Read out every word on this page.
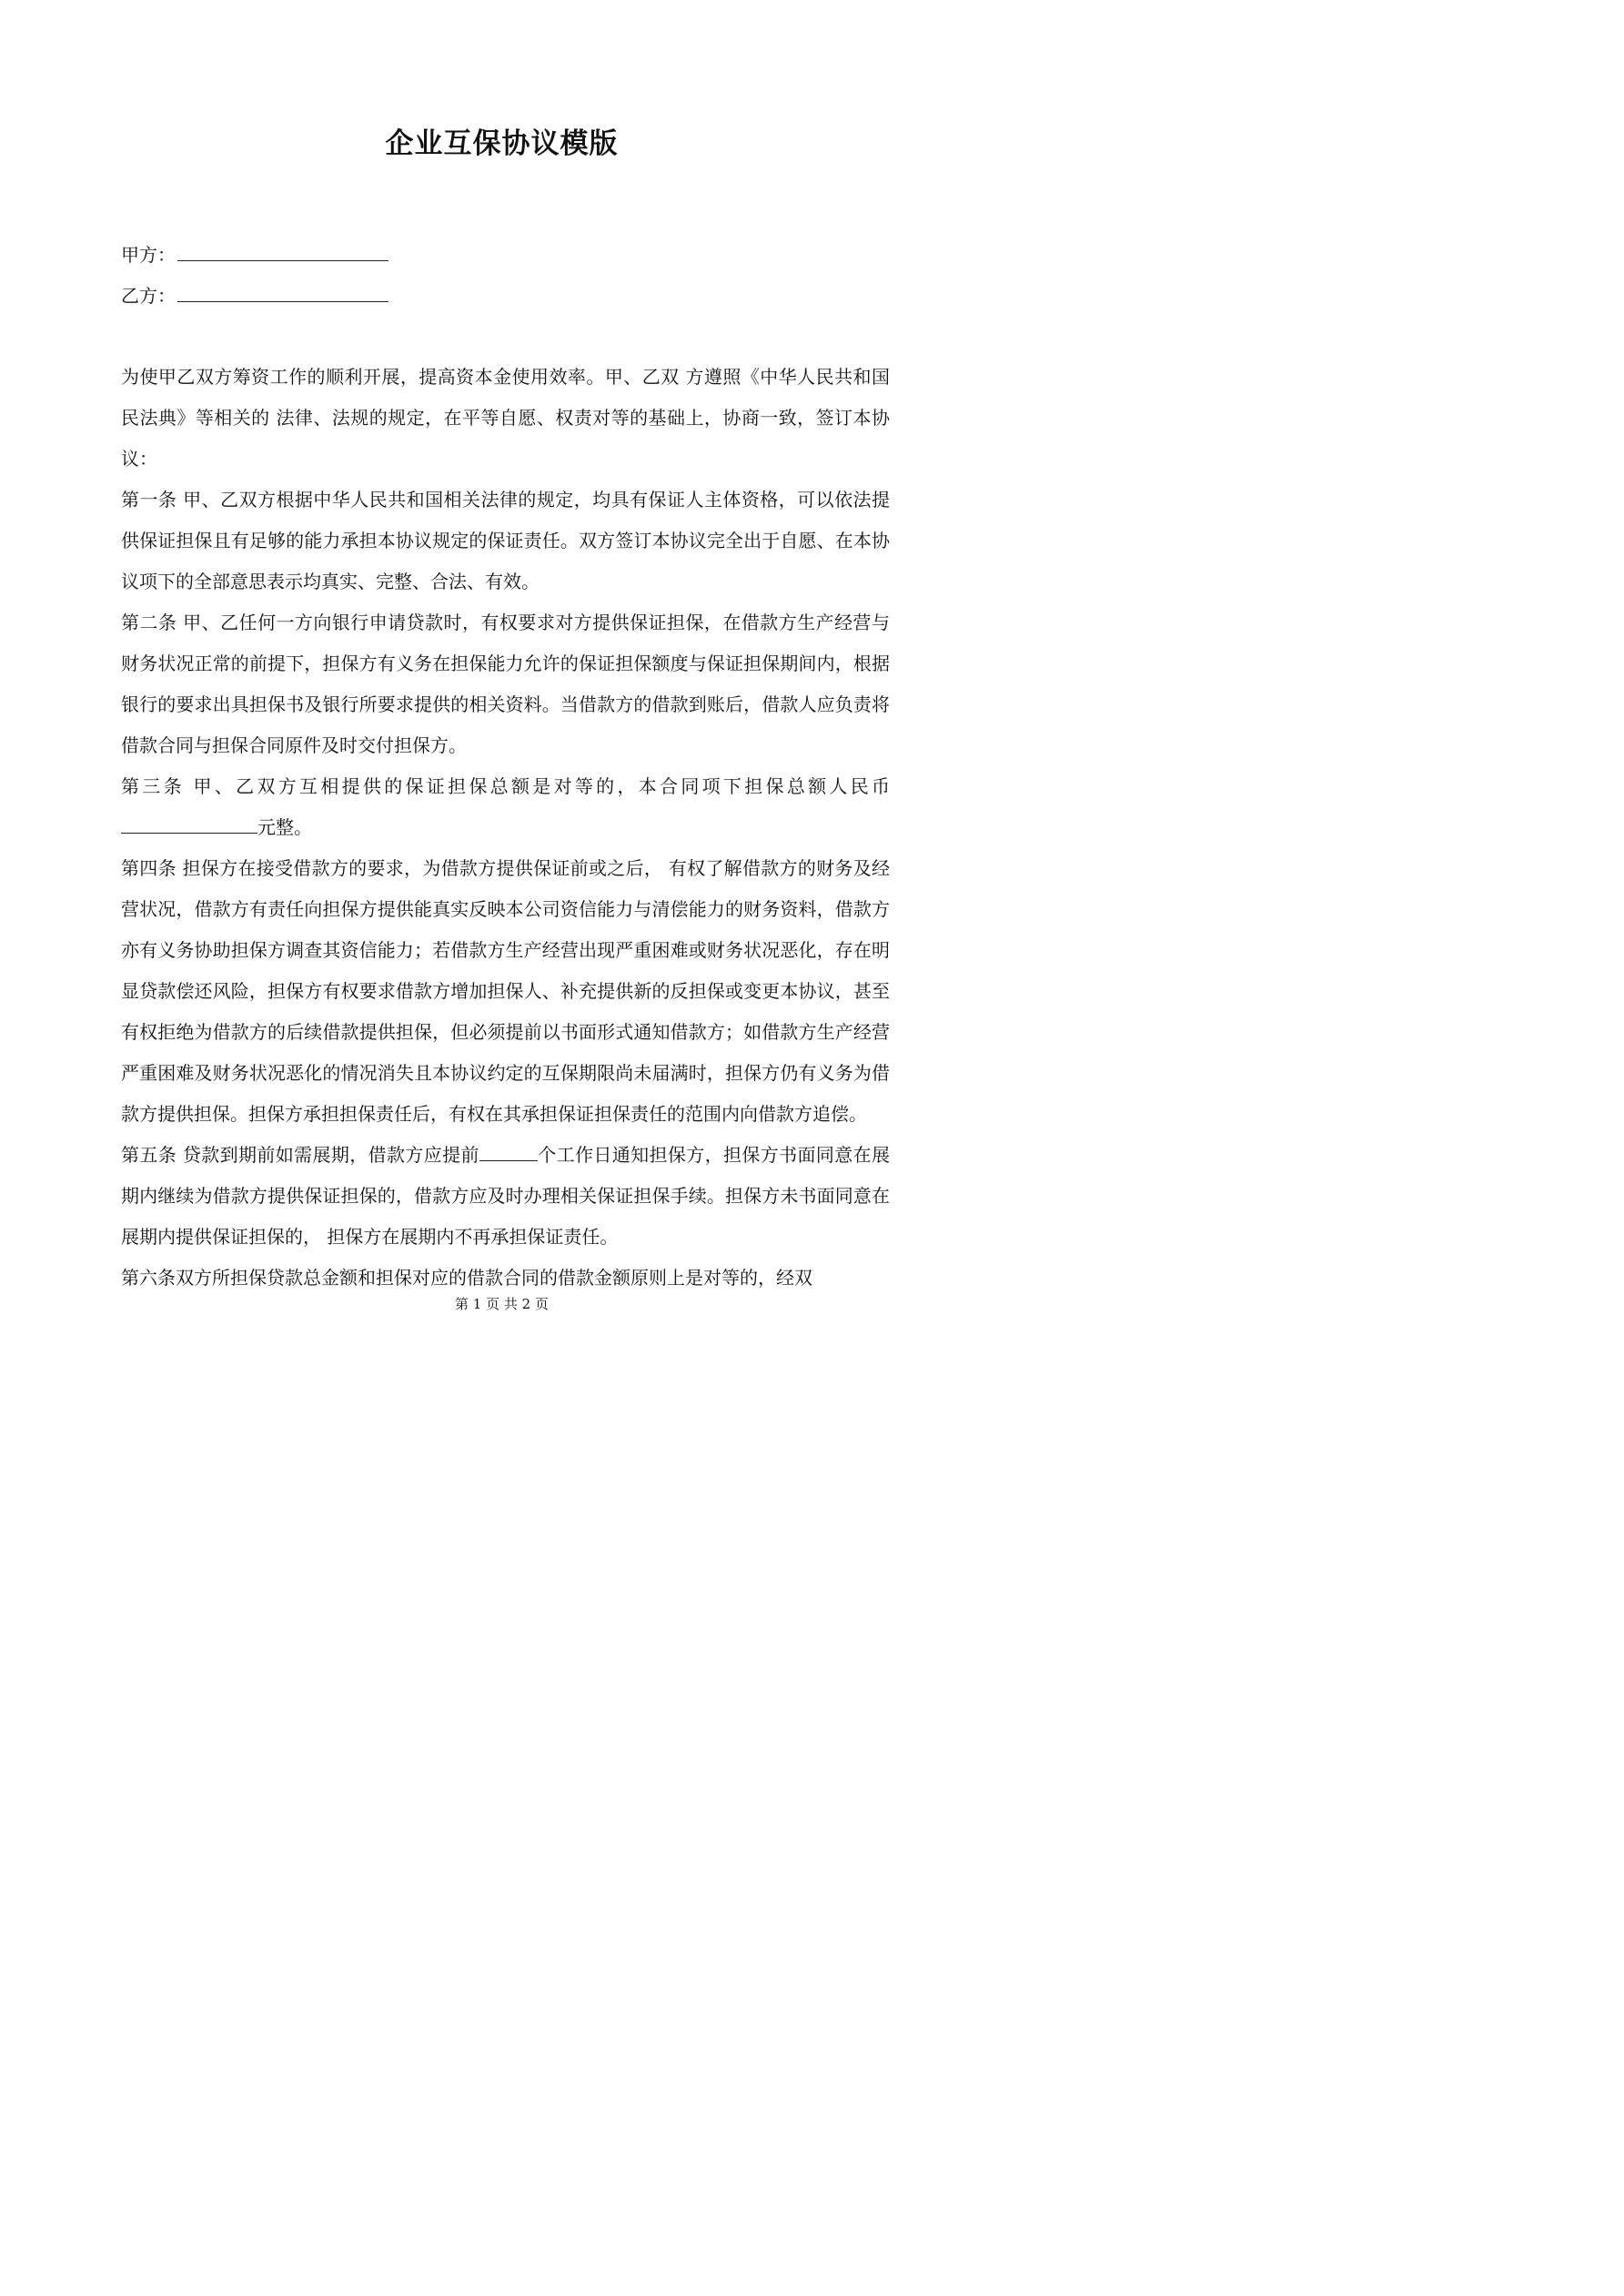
企业互保协议模版
甲方：
乙方：

为使甲乙双方筹资工作的顺利开展，提高资本金使用效率。甲、乙双 方遵照《中华人民共和国民法典》等相关的 法律、法规的规定，在平等自愿、权责对等的基础上，协商一致，签订本协议：

第一条 甲、乙双方根据中华人民共和国相关法律的规定，均具有保证人主体资格，可以依法提供保证担保且有足够的能力承担本协议规定的保证责任。双方签订本协议完全出于自愿、在本协议项下的全部意思表示均真实、完整、合法、有效。

第二条 甲、乙任何一方向银行申请贷款时，有权要求对方提供保证担保，在借款方生产经营与财务状况正常的前提下，担保方有义务在担保能力允许的保证担保额度与保证担保期间内，根据银行的要求出具担保书及银行所要求提供的相关资料。当借款方的借款到账后，借款人应负责将借款合同与担保合同原件及时交付担保方。

第三条 甲、乙双方互相提供的保证担保总额是对等的，本合同项下担保总额人民币元整。

第四条 担保方在接受借款方的要求，为借款方提供保证前或之后， 有权了解借款方的财务及经营状况，借款方有责任向担保方提供能真实反映本公司资信能力与清偿能力的财务资料，借款方亦有义务协助担保方调查其资信能力；若借款方生产经营出现严重困难或财务状况恶化，存在明显贷款偿还风险，担保方有权要求借款方增加担保人、补充提供新的反担保或变更本协议，甚至有权拒绝为借款方的后续借款提供担保，但必须提前以书面形式通知借款方；如借款方生产经营严重困难及财务状况恶化的情况消失且本协议约定的互保期限尚未届满时，担保方仍有义务为借款方提供担保。担保方承担担保责任后，有权在其承担保证担保责任的范围内向借款方追偿。

第五条 贷款到期前如需展期，借款方应提前	个工作日通知担保方，担保方书面同意在展期内继续为借款方提供保证担保的，借款方应及时办理相关保证担保手续。担保方未书面同意在展期内提供保证担保的， 担保方在展期内不再承担保证责任。

第六条双方所担保贷款总金额和担保对应的借款合同的借款金额原则上是对等的，经双

第 1 页 共 2 页
